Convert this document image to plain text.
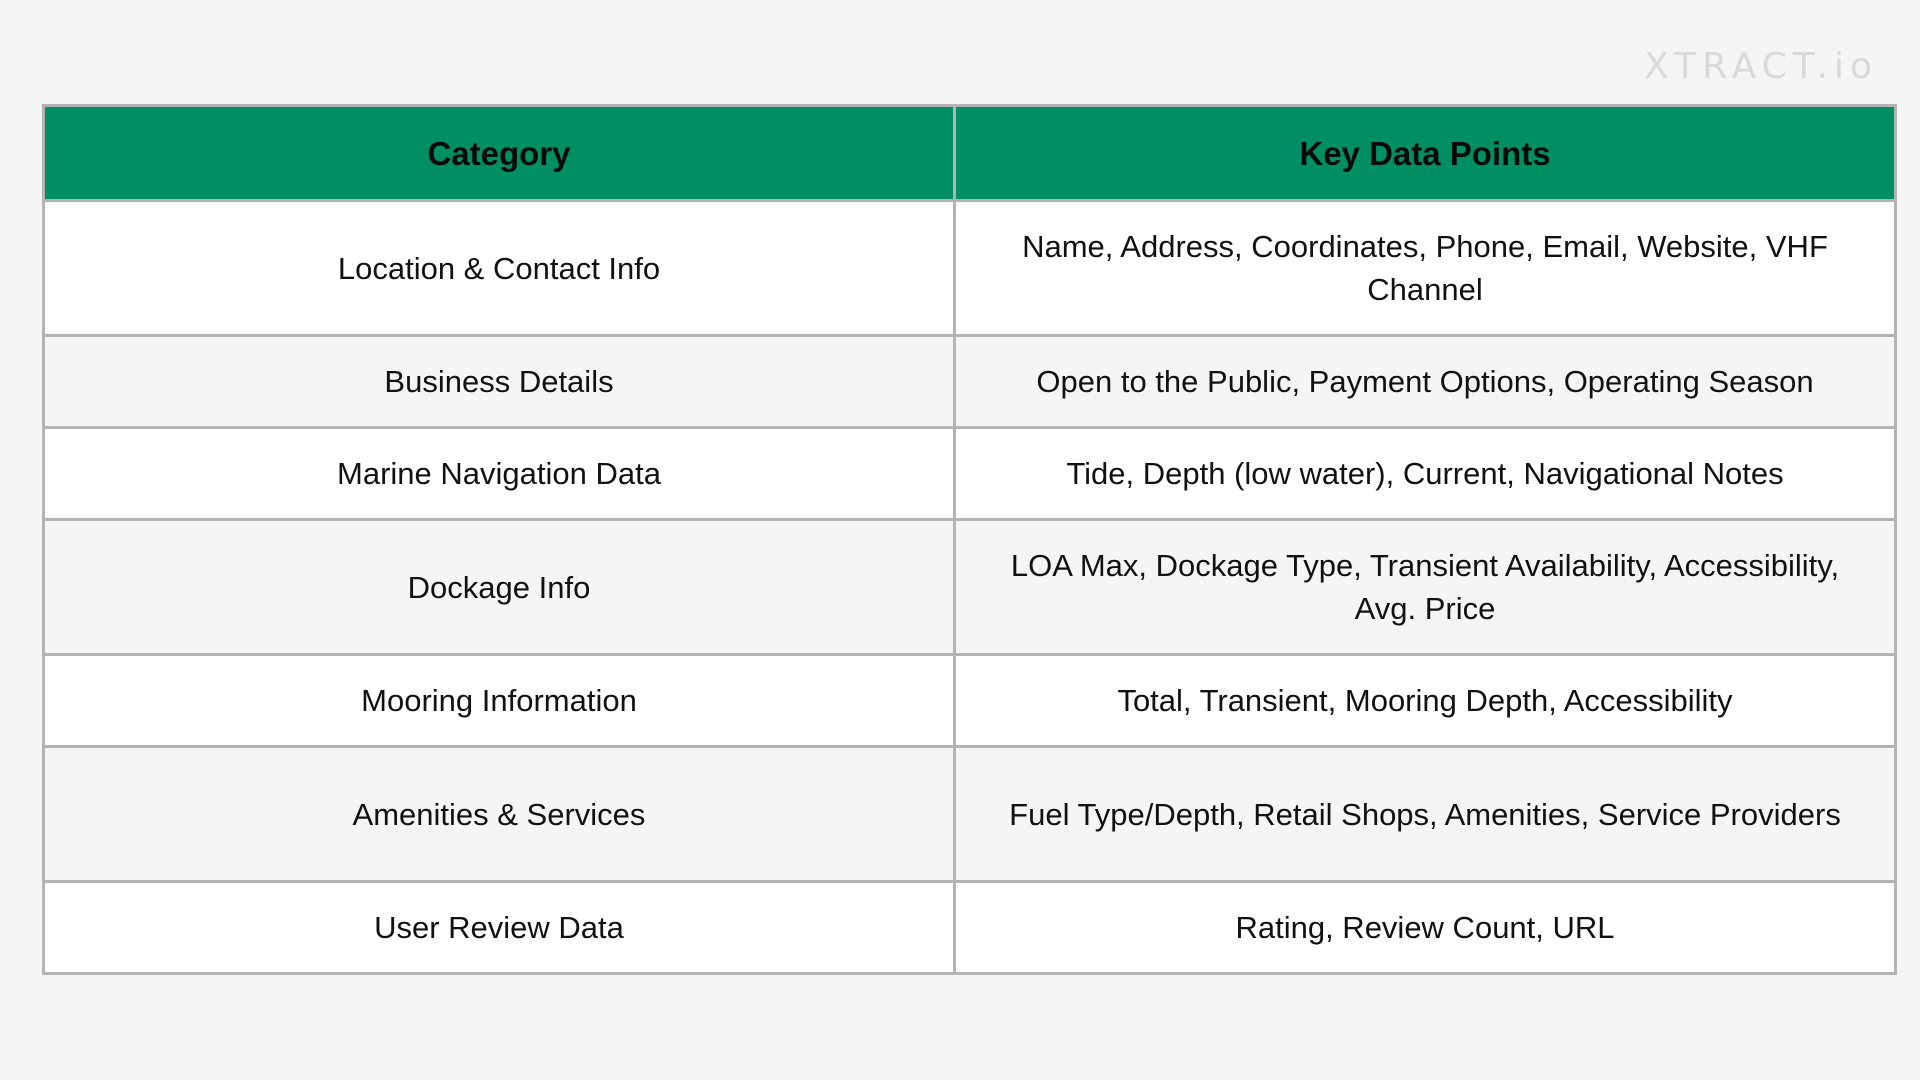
XTRACT.io
Category	Key Data Points
Location & Contact Info	Name, Address, Coordinates, Phone, Email, Website, VHF Channel
Business Details	Open to the Public, Payment Options, Operating Season
Marine Navigation Data	Tide, Depth (low water), Current, Navigational Notes
Dockage Info	LOA Max, Dockage Type, Transient Availability, Accessibility, Avg. Price
Mooring Information	Total, Transient, Mooring Depth, Accessibility
Amenities & Services	Fuel Type/Depth, Retail Shops, Amenities, Service Providers
User Review Data	Rating, Review Count, URL
